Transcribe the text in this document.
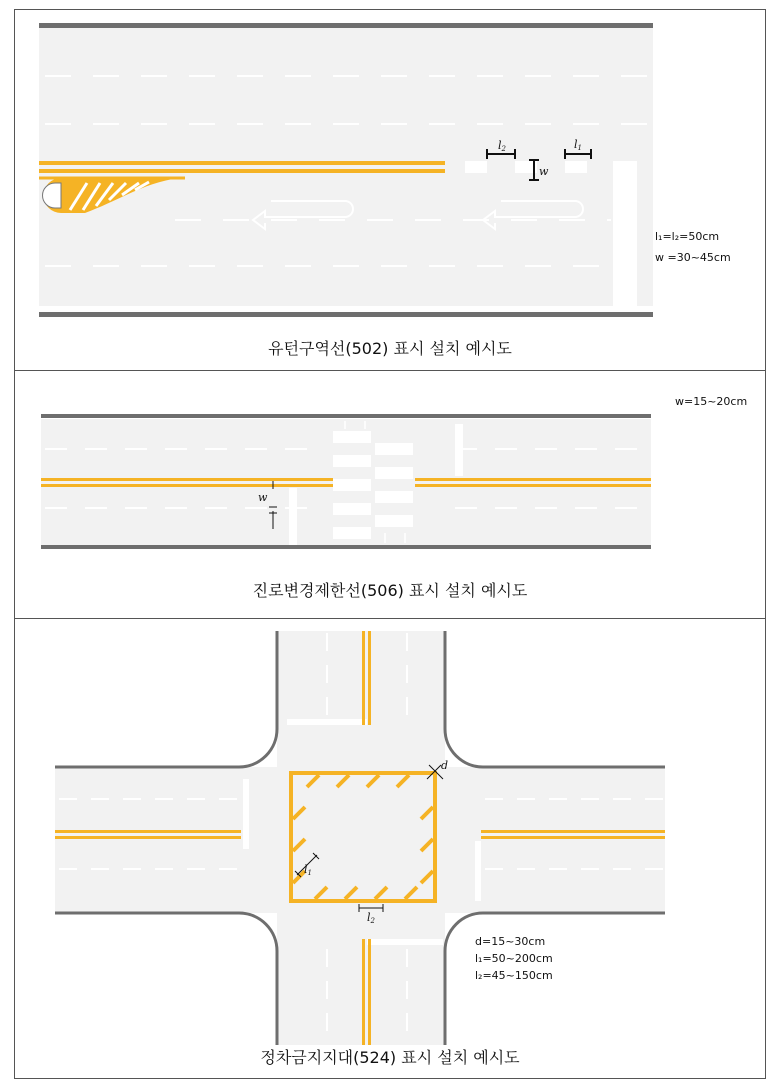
l2	l1
w
l₁=l₂=50cm
w =30~45cm
유턴구역선(502) 표시 설치 예시도
w
w=15~20cm
진로변경제한선(506) 표시 설치 예시도
d
l1
l2
d=15~30cm
l₁=50~200cm
l₂=45~150cm
정차금지지대(524) 표시 설치 예시도
